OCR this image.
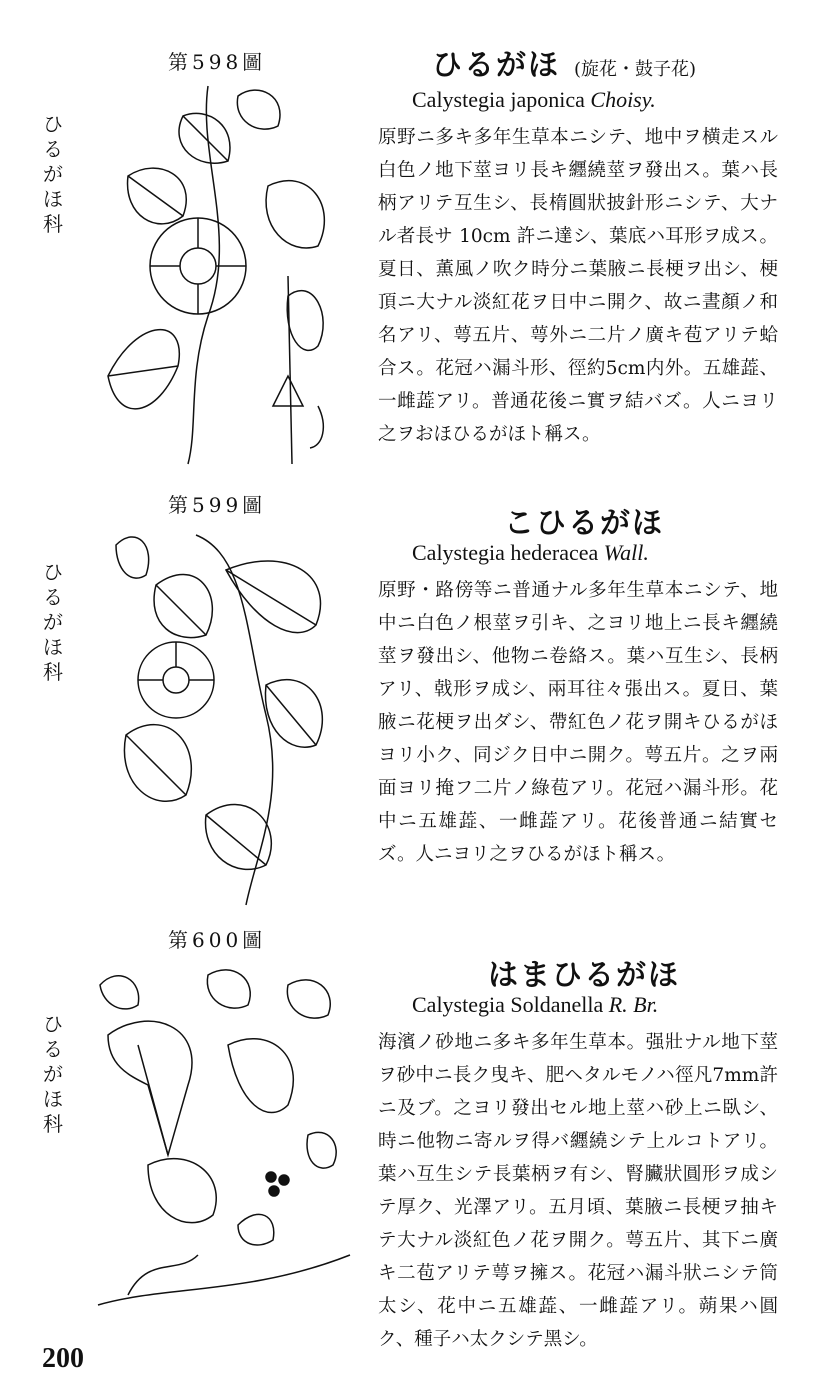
第598圖
ひるがほ科
ひるがほ (旋花・鼓子花)
Calystegia japonica Choisy.
原野ニ多キ多年生草本ニシテ、地中ヲ横走スル白色ノ地下莖ヨリ長キ纒繞莖ヲ發出ス。葉ハ長柄アリテ互生シ、長楕圓狀披針形ニシテ、大ナル者長サ 10cm 許ニ達シ、葉底ハ耳形ヲ成ス。夏日、薫風ノ吹ク時分ニ葉腋ニ長梗ヲ出シ、梗頂ニ大ナル淡紅花ヲ日中ニ開ク、故ニ晝顏ノ和名アリ、萼五片、萼外ニ二片ノ廣キ苞アリテ蛤合ス。花冠ハ漏斗形、徑約5cm内外。五雄蕋、一雌蕋アリ。普通花後ニ實ヲ結バズ。人ニヨリ之ヲおほひるがほト稱ス。
第599圖
ひるがほ科
こひるがほ
Calystegia hederacea Wall.
原野・路傍等ニ普通ナル多年生草本ニシテ、地中ニ白色ノ根莖ヲ引キ、之ヨリ地上ニ長キ纒繞莖ヲ發出シ、他物ニ卷絡ス。葉ハ互生シ、長柄アリ、戟形ヲ成シ、兩耳往々張出ス。夏日、葉腋ニ花梗ヲ出ダシ、帶紅色ノ花ヲ開キひるがほヨリ小ク、同ジク日中ニ開ク。萼五片。之ヲ兩面ヨリ掩フ二片ノ綠苞アリ。花冠ハ漏斗形。花中ニ五雄蕋、一雌蕋アリ。花後普通ニ結實セズ。人ニヨリ之ヲひるがほト稱ス。
第600圖
ひるがほ科
はまひるがほ
Calystegia Soldanella R. Br.
海濱ノ砂地ニ多キ多年生草本。强壯ナル地下莖ヲ砂中ニ長ク曳キ、肥ヘタルモノハ徑凡7mm許ニ及ブ。之ヨリ發出セル地上莖ハ砂上ニ臥シ、時ニ他物ニ寄ルヲ得バ纒繞シテ上ルコトアリ。葉ハ互生シテ長葉柄ヲ有シ、腎臟狀圓形ヲ成シテ厚ク、光澤アリ。五月頃、葉腋ニ長梗ヲ抽キテ大ナル淡紅色ノ花ヲ開ク。萼五片、其下ニ廣キ二苞アリテ萼ヲ擁ス。花冠ハ漏斗狀ニシテ筒太シ、花中ニ五雄蕋、一雌蕋アリ。蒴果ハ圓ク、種子ハ太クシテ黑シ。
200
